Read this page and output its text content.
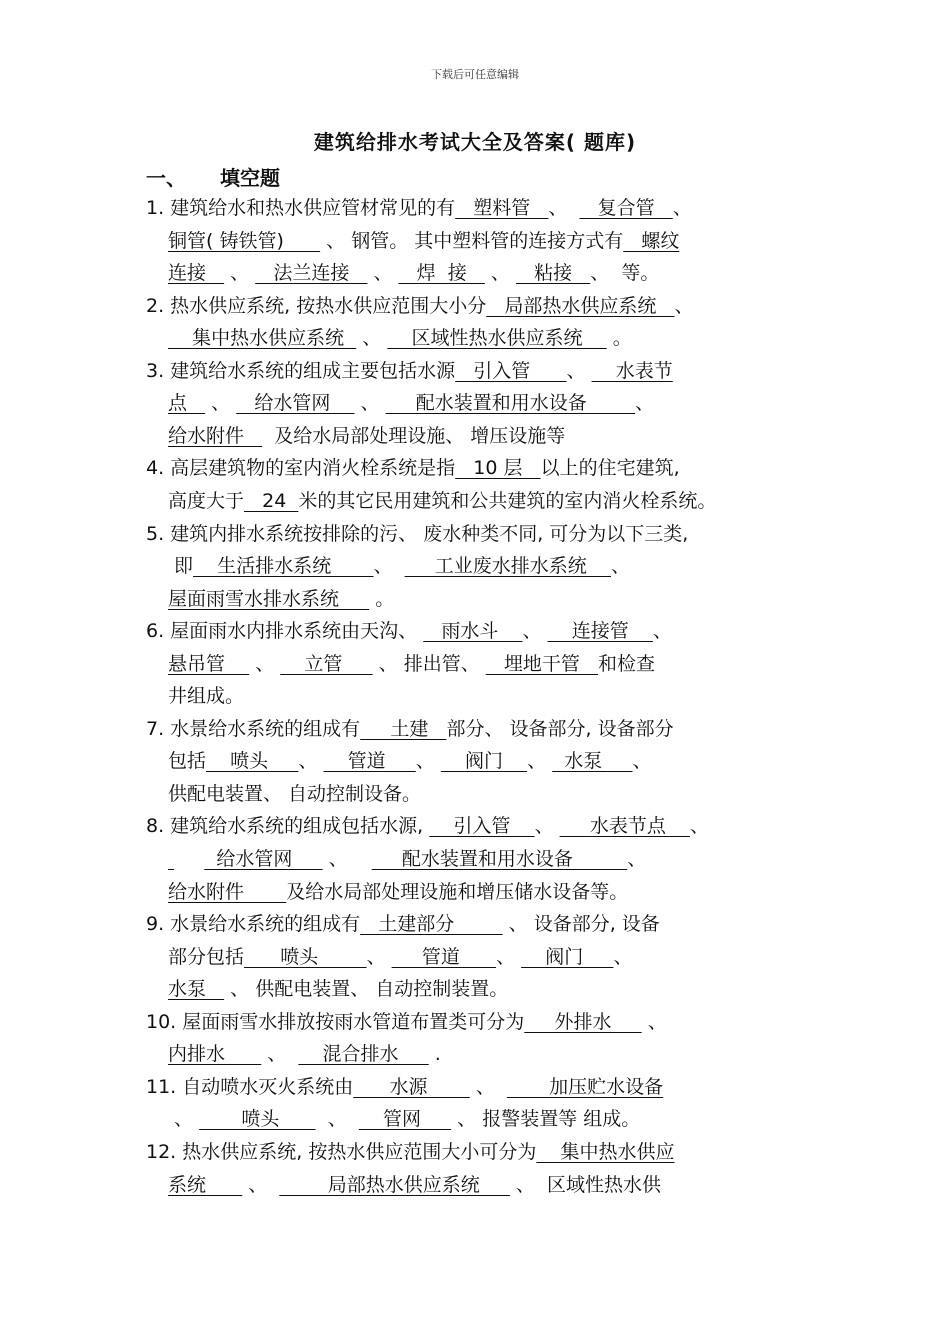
下载后可任意编辑
建筑给排水考试大全及答案( 题库)
一、 填空题
1. 建筑给水和热水供应管材常见的有   塑料管   、     复合管   、
铜管( 铸铁管)       、 钢管。 其中塑料管的连接方式有   螺纹
连接    、    法兰连接    、    焊  接    、    粘接   、  等。
2. 热水供应系统, 按热水供应范围大小分   局部热水供应系统   、
集中热水供应系统   、     区域性热水供应系统     。
3. 建筑给水系统的组成主要包括水源   引入管      、     水表节
点    、    给水管网     、      配水装置和用水设备        、
给水附件     及给水局部处理设施、 增压设施等
4. 高层建筑物的室内消火栓系统是指   10 层   以上的住宅建筑,
高度大于   24  米的其它民用建筑和公共建筑的室内消火栓系统。
5. 建筑内排水系统按排除的污、 废水种类不同, 可分为以下三类,
即    生活排水系统       、       工业废水排水系统    、
屋面雨雪水排水系统      。
6. 屋面雨水内排水系统由天沟、    雨水斗    、     连接管    、
悬吊管     、     立管      、 排出管、    埋地干管   和检查
井组成。
7. 水景给水系统的组成有     土建   部分、 设备部分, 设备部分
包括    喷头     、     管道     、     阀门    、   水泵     、
供配电装置、 自动控制设备。
8. 建筑给水系统的组成包括水源,     引入管    、      水表节点    、
给水管网      、         配水装置和用水设备         、
给水附件       及给水局部处理设施和增压储水设备等。
9. 水景给水系统的组成有   土建部分         、 设备部分, 设备
部分包括      喷头        、      管道      、     阀门     、
水泵    、 供配电装置、 自动控制装置。
10. 屋面雨雪水排放按雨水管道布置类可分为     外排水      、
内排水       、      混合排水      .
11. 自动喷水灭火系统由      水源        、         加压贮水设备
、        喷头        、      管网      、 报警装置等 组成。
12. 热水供应系统, 按热水供应范围大小可分为    集中热水供应
系统       、          局部热水供应系统      、  区域性热水供
